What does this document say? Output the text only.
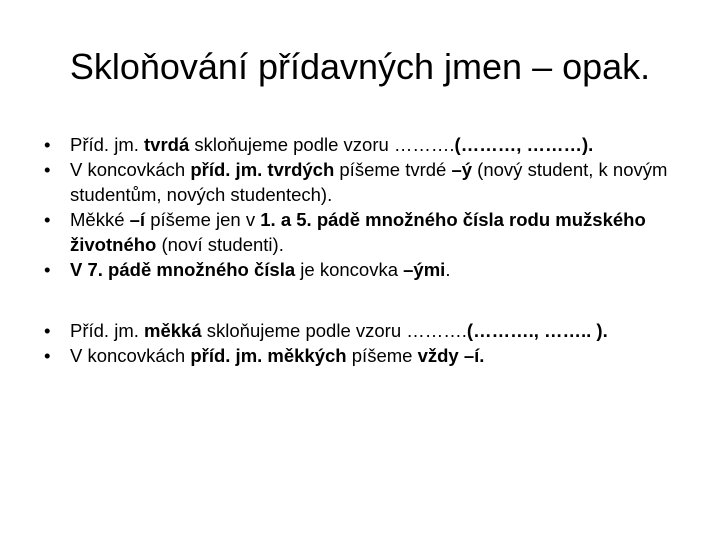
Skloňování přídavných jmen – opak.
• Příd. jm. tvrdá skloňujeme podle vzoru ……….(………, ………).
• V koncovkách příd. jm. tvrdých píšeme tvrdé –ý (nový student, k novým studentům, nových studentech).
• Měkké –í píšeme jen v 1. a 5. pádě množného čísla rodu mužského životného (noví studenti).
• V 7. pádě množného čísla je koncovka –ými.
• Příd. jm. měkká skloňujeme podle vzoru ……….(………., …….. ).
• V koncovkách příd. jm. měkkých píšeme vždy –í.
